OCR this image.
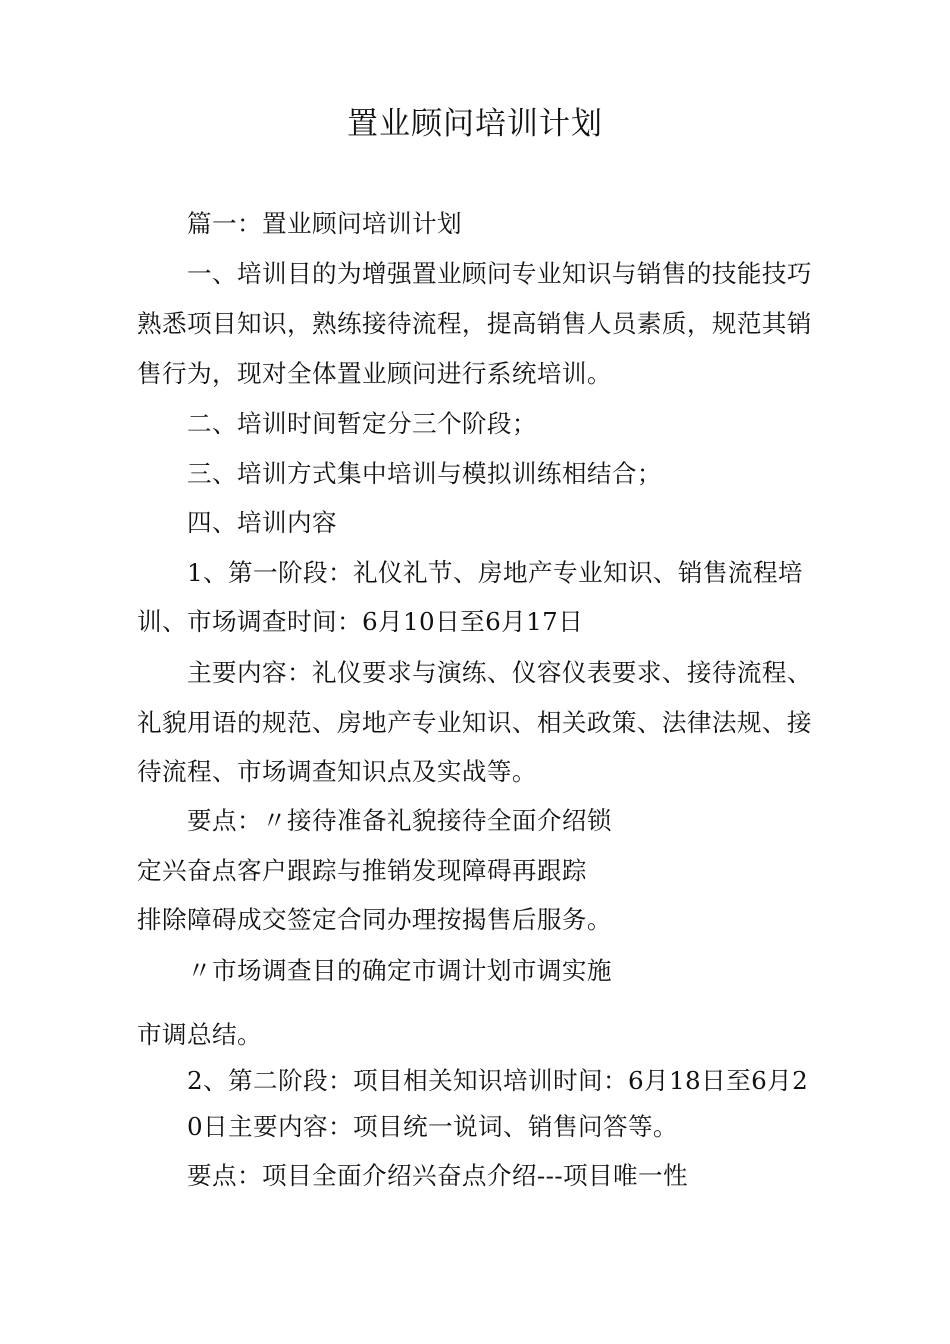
置业顾问培训计划
篇一：置业顾问培训计划
一、培训目的为增强置业顾问专业知识与销售的技能技巧
熟悉项目知识，熟练接待流程，提高销售人员素质，规范其销
售行为，现对全体置业顾问进行系统培训。
二、培训时间暂定分三个阶段；
三、培训方式集中培训与模拟训练相结合；
四、培训内容
1、第一阶段：礼仪礼节、房地产专业知识、销售流程培
训、市场调查时间：6月10日至6月17日
主要内容：礼仪要求与演练、仪容仪表要求、接待流程、
礼貌用语的规范、房地产专业知识、相关政策、法律法规、接
待流程、市场调查知识点及实战等。
要点：〃接待准备礼貌接待全面介绍锁
定兴奋点客户跟踪与推销发现障碍再跟踪
排除障碍成交签定合同办理按揭售后服务。
〃市场调查目的确定市调计划市调实施
市调总结。
2、第二阶段：项目相关知识培训时间：6月18日至6月2
0日主要内容：项目统一说词、销售问答等。
要点：项目全面介绍兴奋点介绍---项目唯一性
